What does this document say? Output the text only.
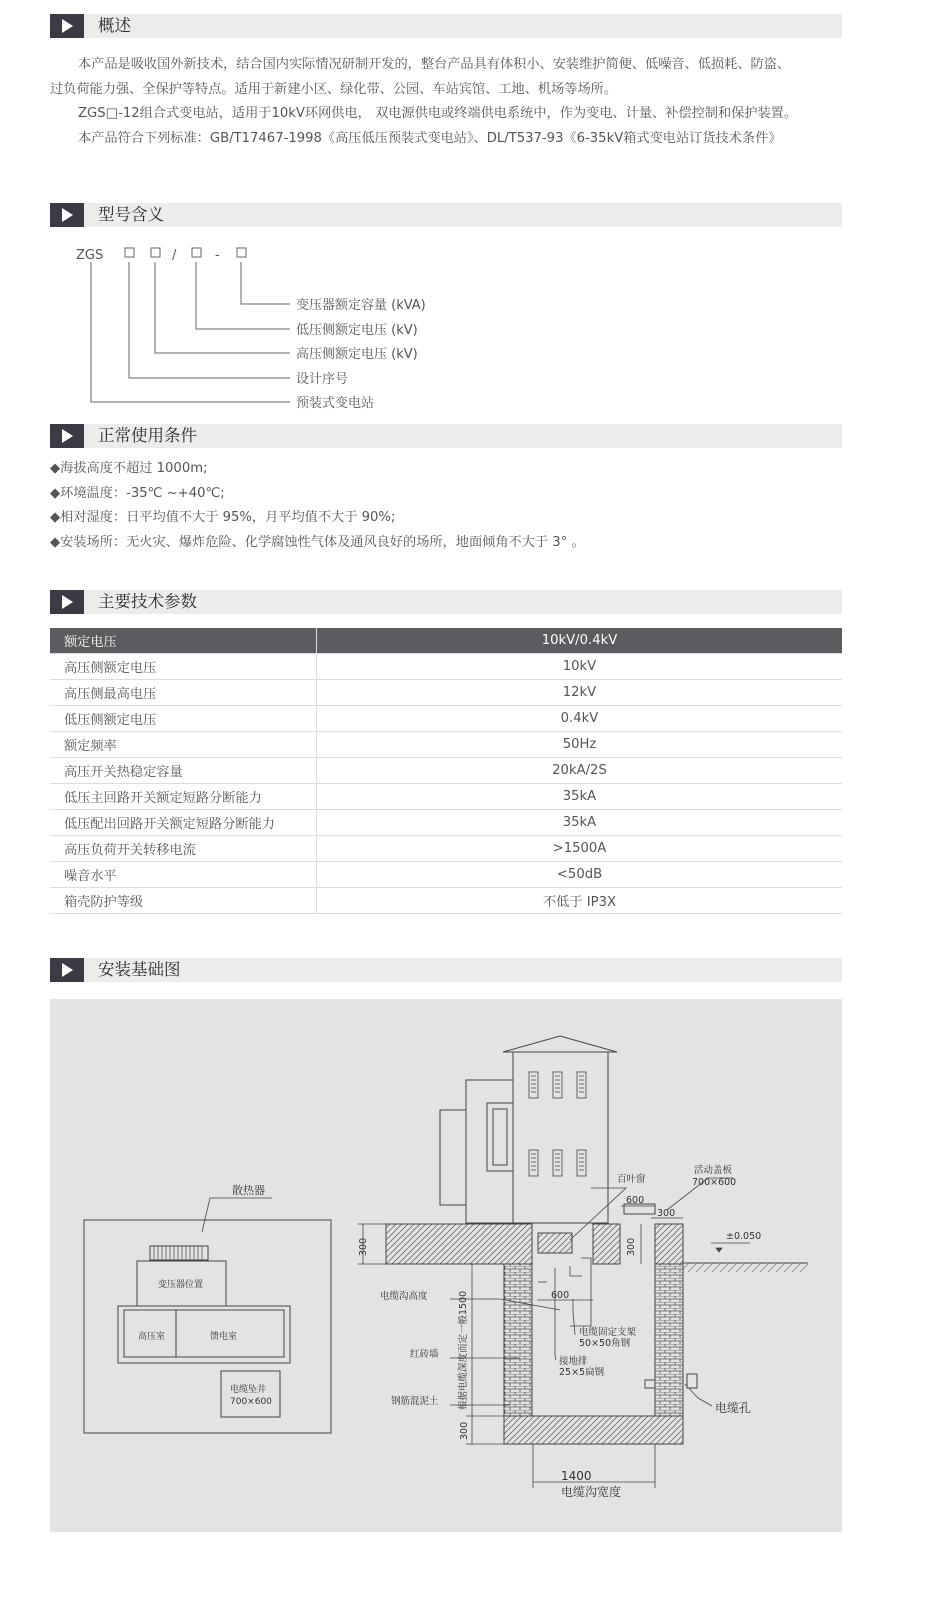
概述

本产品是吸收国外新技术，结合国内实际情况研制开发的，整台产品具有体积小、安装维护简便、低噪音、低损耗、防盗、

过负荷能力强、全保护等特点。适用于新建小区、绿化带、公园、车站宾馆、工地、机场等场所。

ZGS□-12组合式变电站，适用于10kV环网供电， 双电源供电或终端供电系统中，作为变电、计量、补偿控制和保护装置。

本产品符合下列标准：GB/T17467-1998《高压低压预装式变电站》、DL/T537-93《6-35kV箱式变电站订货技术条件》

型号含义
ZGS	/	-
变压器额定容量 (kVA)
低压侧额定电压 (kV)
高压侧额定电压 (kV)
设计序号
预装式变电站
正常使用条件

◆海拔高度不超过 1000m;

◆环境温度：-35℃ ~+40℃;

◆相对湿度：日平均值不大于 95%，月平均值不大于 90%;

◆安装场所：无火灾、爆炸危险、化学腐蚀性气体及通风良好的场所，地面倾角不大于 3° 。

主要技术参数
额定电压	10kV/0.4kV
高压侧额定电压	10kV
高压侧最高电压	12kV
低压侧额定电压	0.4kV
额定频率	50Hz
高压开关热稳定容量	20kA/2S
低压主回路开关额定短路分断能力	35kA
低压配出回路开关额定短路分断能力	35kA
高压负荷开关转移电流	>1500A
噪音水平	<50dB
箱壳防护等级	不低于 IP3X
安装基础图
散热器
变压器位置
高压室	馈电室
电缆坠井
700×600
百叶窗
活动盖板
700×600
600
300
±0.050
电缆沟高度	600
电缆固定支架
50×50角钢
接地排
25×5扁钢
红砖墙
钢筋混泥土	电缆孔
1400
电缆沟宽度
300	300
300
根据电缆深度而定一般1500
